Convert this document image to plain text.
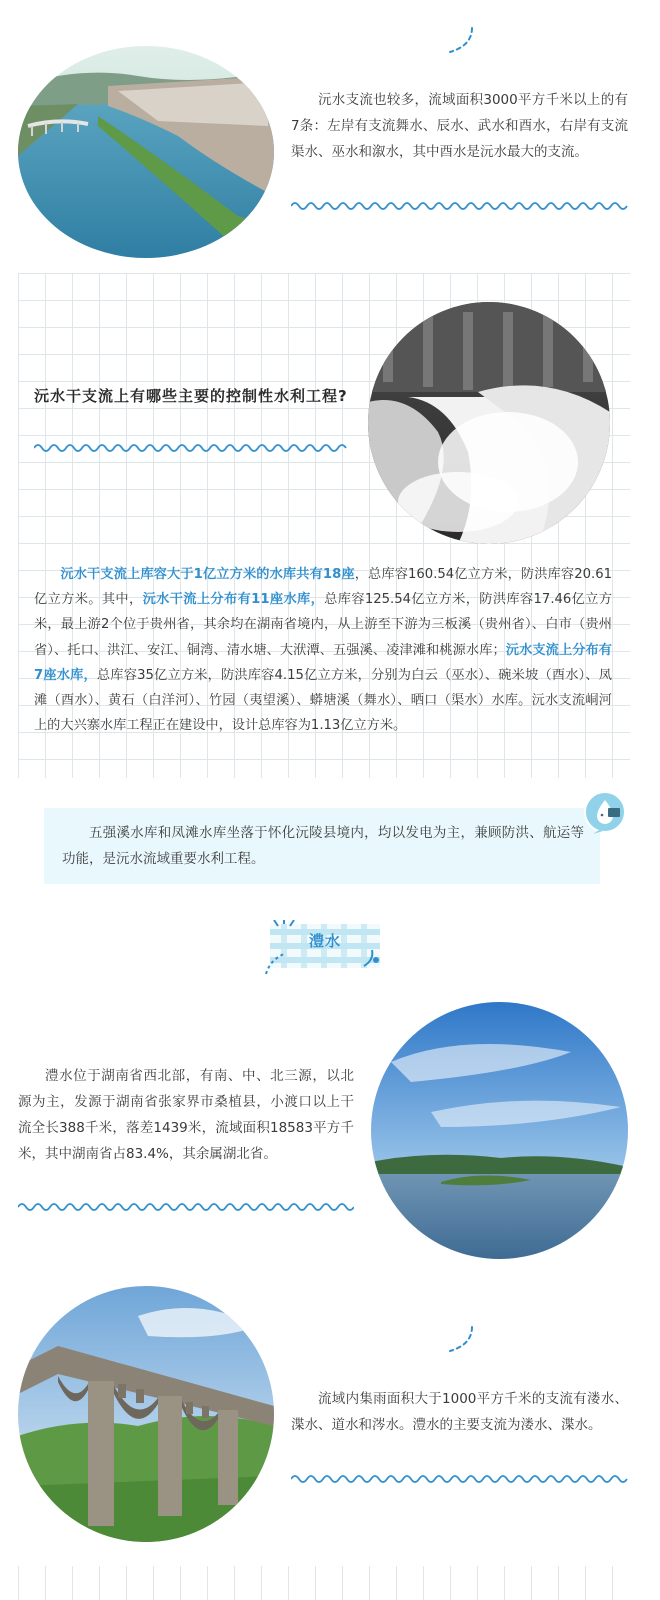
沅水支流也较多，流域面积3000平方千米以上的有7条：左岸有支流舞水、辰水、武水和酉水，右岸有支流渠水、巫水和溆水，其中酉水是沅水最大的支流。

沅水干支流上有哪些主要的控制性水利工程?

沅水干支流上库容大于1亿立方米的水库共有18座，总库容160.54亿立方米，防洪库容20.61亿立方米。其中，沅水干流上分布有11座水库，总库容125.54亿立方米，防洪库容17.46亿立方米，最上游2个位于贵州省，其余均在湖南省境内，从上游至下游为三板溪（贵州省）、白市（贵州省）、托口、洪江、安江、铜湾、清水塘、大洑潭、五强溪、凌津滩和桃源水库；沅水支流上分布有7座水库，总库容35亿立方米，防洪库容4.15亿立方米，分别为白云（巫水）、碗米坡（酉水）、凤滩（酉水）、黄石（白洋河）、竹园（夷望溪）、蟒塘溪（舞水）、晒口（渠水）水库。沅水支流峒河上的大兴寨水库工程正在建设中，设计总库容为1.13亿立方米。

五强溪水库和凤滩水库坐落于怀化沅陵县境内，均以发电为主，兼顾防洪、航运等功能，是沅水流域重要水利工程。

澧水

澧水位于湖南省西北部，有南、中、北三源，以北源为主，发源于湖南省张家界市桑植县，小渡口以上干流全长388千米，落差1439米，流域面积18583平方千米，其中湖南省占83.4%，其余属湖北省。

流域内集雨面积大于1000平方千米的支流有溇水、渫水、道水和涔水。澧水的主要支流为溇水、渫水。
